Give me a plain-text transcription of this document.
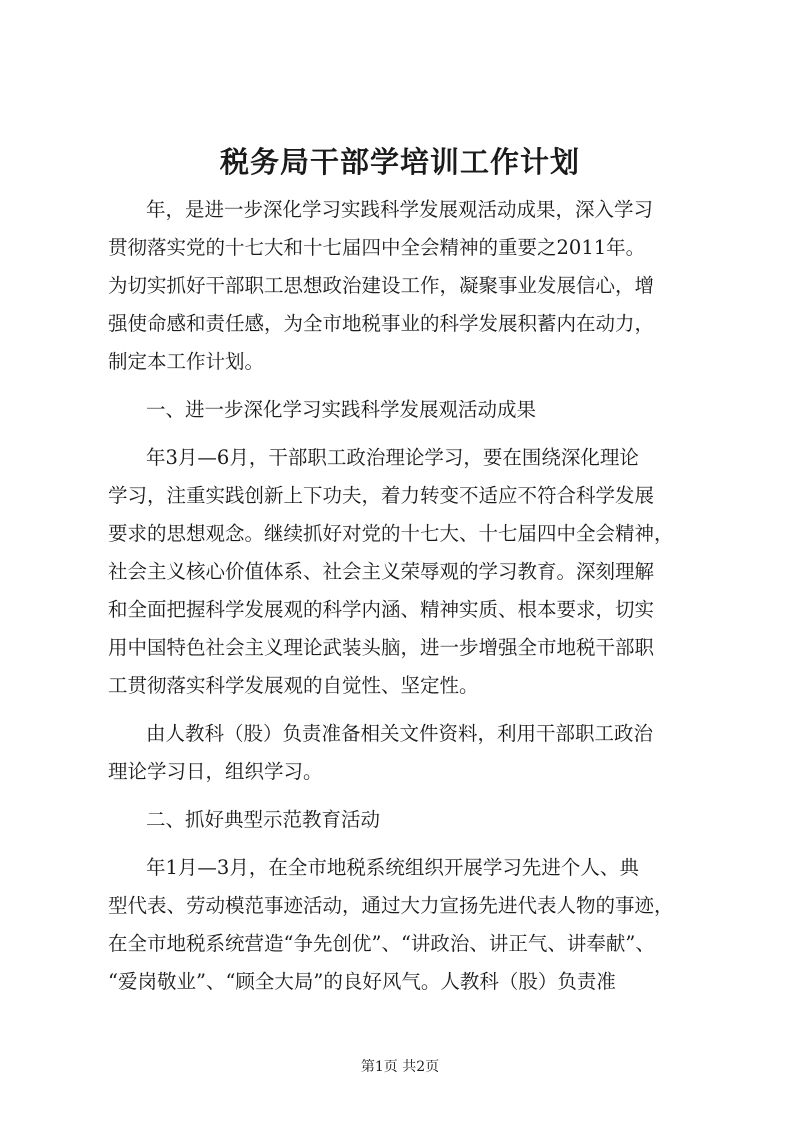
税务局干部学培训工作计划
年，是进一步深化学习实践科学发展观活动成果，深入学习
贯彻落实党的十七大和十七届四中全会精神的重要之2011年。
为切实抓好干部职工思想政治建设工作，凝聚事业发展信心，增
强使命感和责任感，为全市地税事业的科学发展积蓄内在动力，
制定本工作计划。
一、进一步深化学习实践科学发展观活动成果
年3月—6月，干部职工政治理论学习，要在围绕深化理论
学习，注重实践创新上下功夫，着力转变不适应不符合科学发展
要求的思想观念。继续抓好对党的十七大、十七届四中全会精神，
社会主义核心价值体系、社会主义荣辱观的学习教育。深刻理解
和全面把握科学发展观的科学内涵、精神实质、根本要求，切实
用中国特色社会主义理论武装头脑，进一步增强全市地税干部职
工贯彻落实科学发展观的自觉性、坚定性。
由人教科（股）负责准备相关文件资料，利用干部职工政治
理论学习日，组织学习。
二、抓好典型示范教育活动
年1月—3月，在全市地税系统组织开展学习先进个人、典
型代表、劳动模范事迹活动，通过大力宣扬先进代表人物的事迹，
在全市地税系统营造“争先创优”、“讲政治、讲正气、讲奉献”、
“爱岗敬业”、“顾全大局”的良好风气。人教科（股）负责准
第1页 共2页
